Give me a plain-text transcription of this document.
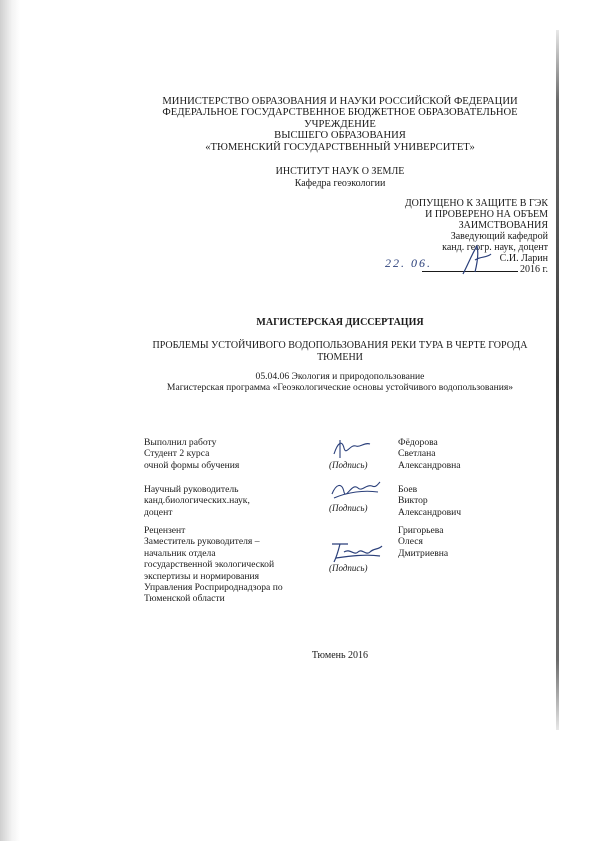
МИНИСТЕРСТВО ОБРАЗОВАНИЯ И НАУКИ РОССИЙСКОЙ ФЕДЕРАЦИИ
ФЕДЕРАЛЬНОЕ ГОСУДАРСТВЕННОЕ БЮДЖЕТНОЕ ОБРАЗОВАТЕЛЬНОЕ
УЧРЕЖДЕНИЕ
ВЫСШЕГО ОБРАЗОВАНИЯ
«ТЮМЕНСКИЙ ГОСУДАРСТВЕННЫЙ УНИВЕРСИТЕТ»
ИНСТИТУТ НАУК О ЗЕМЛЕ
Кафедра геоэкологии
ДОПУЩЕНО К ЗАЩИТЕ В ГЭК
И ПРОВЕРЕНО НА ОБЪЕМ
ЗАИМСТВОВАНИЯ
Заведующий кафедрой
канд. геогр. наук, доцент
С.И. Ларин
2016 г.
22. 06.
МАГИСТЕРСКАЯ ДИССЕРТАЦИЯ
ПРОБЛЕМЫ УСТОЙЧИВОГО ВОДОПОЛЬЗОВАНИЯ РЕКИ ТУРА В ЧЕРТЕ ГОРОДА
ТЮМЕНИ
05.04.06 Экология и природопользование
Магистерская программа «Геоэкологические основы устойчивого водопользования»
Выполнил работу
Студент 2 курса
очной формы обучения	(Подпись)
Фёдорова
Светлана
Александровна
Научный руководитель
канд.биологических.наук,
доцент	(Подпись)
Боев
Виктор
Александрович
Рецензент
Заместитель руководителя –
начальник отдела
государственной экологической
экспертизы и нормирования
Управления Росприроднадзора по
Тюменской области
(Подпись)
Григорьева
Олеся
Дмитриевна
Тюмень 2016
